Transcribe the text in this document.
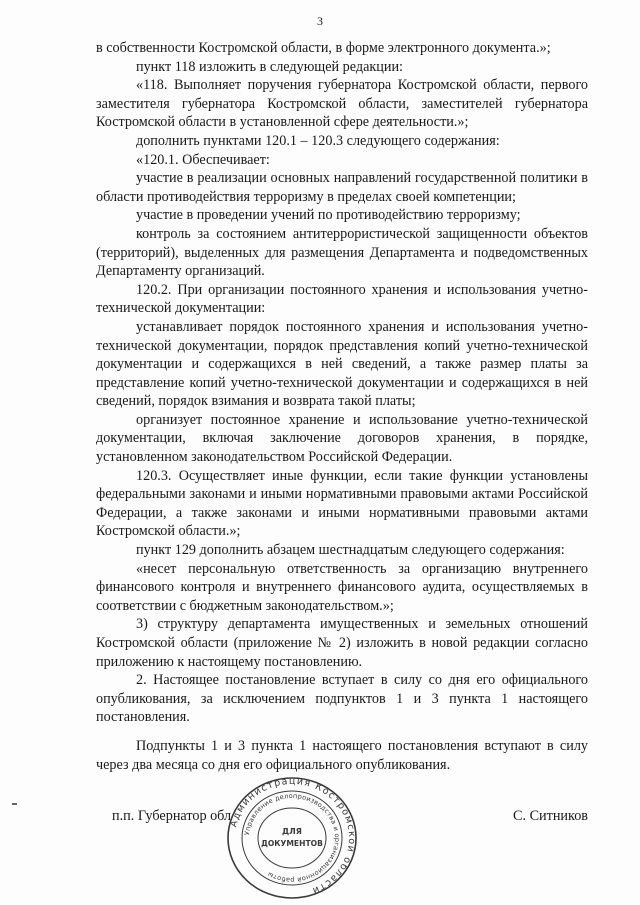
3

в собственности Костромской области, в форме электронного документа.»;

пункт 118 изложить в следующей редакции:

«118. Выполняет поручения губернатора Костромской области, первого заместителя губернатора Костромской области, заместителей губернатора Костромской области в установленной сфере деятельности.»;

дополнить пунктами 120.1 – 120.3 следующего содержания:

«120.1. Обеспечивает:

участие в реализации основных направлений государственной политики в области противодействия терроризму в пределах своей компетенции;

участие в проведении учений по противодействию терроризму;

контроль за состоянием антитеррористической защищенности объектов (территорий), выделенных для размещения Департамента и подведомственных Департаменту организаций.

120.2. При организации постоянного хранения и использования учетно-технической документации:

устанавливает порядок постоянного хранения и использования учетно-технической документации, порядок представления копий учетно-технической документации и содержащихся в ней сведений, а также размер платы за представление копий учетно-технической документации и содержащихся в ней сведений, порядок взимания и возврата такой платы;

организует постоянное хранение и использование учетно-технической документации, включая заключение договоров хранения, в порядке, установленном законодательством Российской Федерации.

120.3. Осуществляет иные функции, если такие функции установлены федеральными законами и иными нормативными правовыми актами Российской Федерации, а также законами и иными нормативными правовыми актами Костромской области.»;

пункт 129 дополнить абзацем шестнадцатым следующего содержания:

«несет персональную ответственность за организацию внутреннего финансового контроля и внутреннего финансового аудита, осуществляемых в соответствии с бюджетным законодательством.»;

3) структуру департамента имущественных и земельных отношений Костромской области (приложение № 2) изложить в новой редакции согласно приложению к настоящему постановлению.

2. Настоящее постановление вступает в силу со дня его официального опубликования, за исключением подпунктов 1 и 3 пункта 1 настоящего постановления.

Подпункты 1 и 3 пункта 1 настоящего постановления вступают в силу через два месяца со дня его официального опубликования.

п.п. Губернатор обл	С. Ситников
Администрация Костромской области
Управление делопроизводства и организационной работы
ДЛЯ
ДОКУМЕНТОВ
